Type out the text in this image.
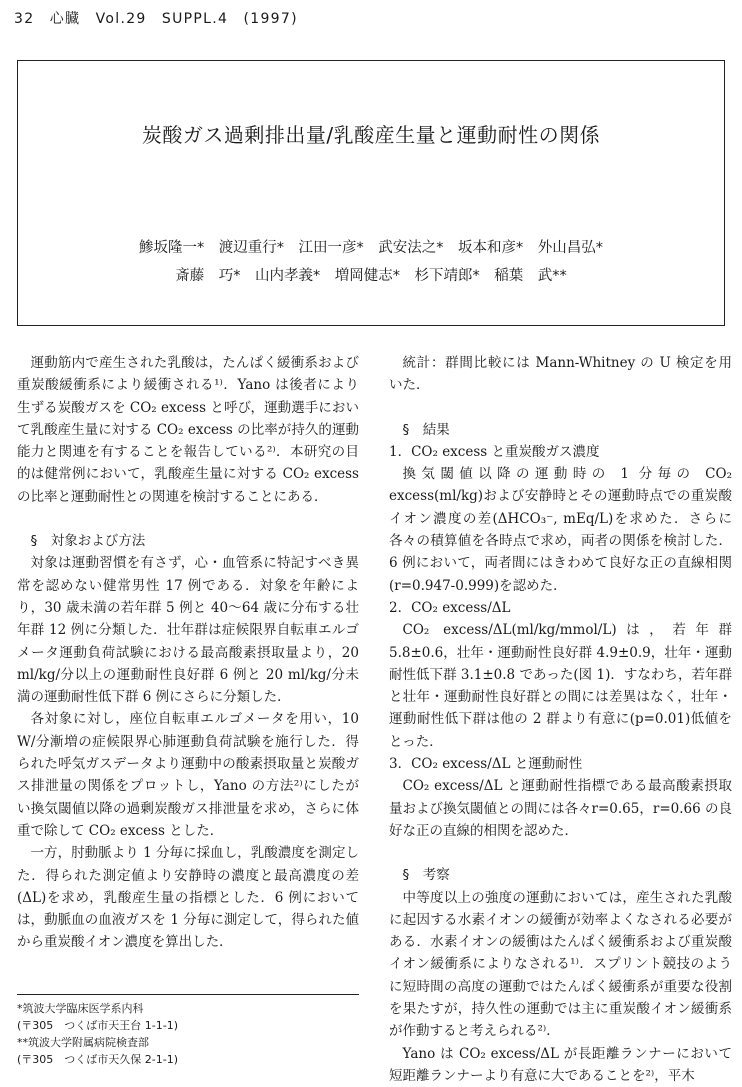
32　心臓　Vol.29　SUPPL.4　(1997)
炭酸ガス過剰排出量/乳酸産生量と運動耐性の関係
鯵坂隆一*　渡辺重行*　江田一彦*　武安法之*　坂本和彦*　外山昌弘*
斎藤　巧*　山内孝義*　増岡健志*　杉下靖郎*　稲葉　武**

運動筋内で産生された乳酸は，たんぱく緩衝系および重炭酸緩衝系により緩衝される¹⁾．Yano は後者により生ずる炭酸ガスを CO₂ excess と呼び，運動選手において乳酸産生量に対する CO₂ excess の比率が持久的運動能力と関連を有することを報告している²⁾．本研究の目的は健常例において，乳酸産生量に対する CO₂ excess の比率と運動耐性との関連を検討することにある．

§　対象および方法

対象は運動習慣を有さず，心・血管系に特記すべき異常を認めない健常男性 17 例である．対象を年齢により，30 歳未満の若年群 5 例と 40〜64 歳に分布する壮年群 12 例に分類した．壮年群は症候限界自転車エルゴメータ運動負荷試験における最高酸素摂取量より，20 ml/kg/分以上の運動耐性良好群 6 例と 20 ml/kg/分未満の運動耐性低下群 6 例にさらに分類した．

各対象に対し，座位自転車エルゴメータを用い，10 W/分漸増の症候限界心肺運動負荷試験を施行した．得られた呼気ガスデータより運動中の酸素摂取量と炭酸ガス排泄量の関係をプロットし，Yano の方法²⁾にしたがい換気閾値以降の過剰炭酸ガス排泄量を求め，さらに体重で除して CO₂ excess とした．

一方，肘動脈より 1 分毎に採血し，乳酸濃度を測定した．得られた測定値より安静時の濃度と最高濃度の差(ΔL)を求め，乳酸産生量の指標とした．6 例においては，動脈血の血液ガスを 1 分毎に測定して，得られた値から重炭酸イオン濃度を算出した．

統計：群間比較には Mann-Whitney の U 検定を用いた．

§　結果

1．CO₂ excess と重炭酸ガス濃度

換気閾値以降の運動時の 1 分毎の CO₂ excess(ml/kg)および安静時とその運動時点での重炭酸イオン濃度の差(ΔHCO₃⁻, mEq/L)を求めた．さらに各々の積算値を各時点で求め，両者の関係を検討した．6 例において，両者間にはきわめて良好な正の直線相関(r=0.947-0.999)を認めた．

2．CO₂ excess/ΔL

CO₂ excess/ΔL(ml/kg/mmol/L)は，若年群 5.8±0.6，壮年・運動耐性良好群 4.9±0.9，壮年・運動耐性低下群 3.1±0.8 であった(図 1)．すなわち，若年群と壮年・運動耐性良好群との間には差異はなく，壮年・運動耐性低下群は他の 2 群より有意に(p=0.01)低値をとった．

3．CO₂ excess/ΔL と運動耐性

CO₂ excess/ΔL と運動耐性指標である最高酸素摂取量および換気閾値との間には各々r=0.65，r=0.66 の良好な正の直線的相関を認めた．

§　考察

中等度以上の強度の運動においては，産生された乳酸に起因する水素イオンの緩衝が効率よくなされる必要がある．水素イオンの緩衝はたんぱく緩衝系および重炭酸イオン緩衝系によりなされる¹⁾．スプリント競技のように短時間の高度の運動ではたんぱく緩衝系が重要な役割を果たすが，持久性の運動では主に重炭酸イオン緩衝系が作動すると考えられる²⁾．

Yano は CO₂ excess/ΔL が長距離ランナーにおいて短距離ランナーより有意に大であることを²⁾，平木

*筑波大学臨床医学系内科
(〒305　つくば市天王台 1-1-1)
**筑波大学附属病院検査部
(〒305　つくば市天久保 2-1-1)
